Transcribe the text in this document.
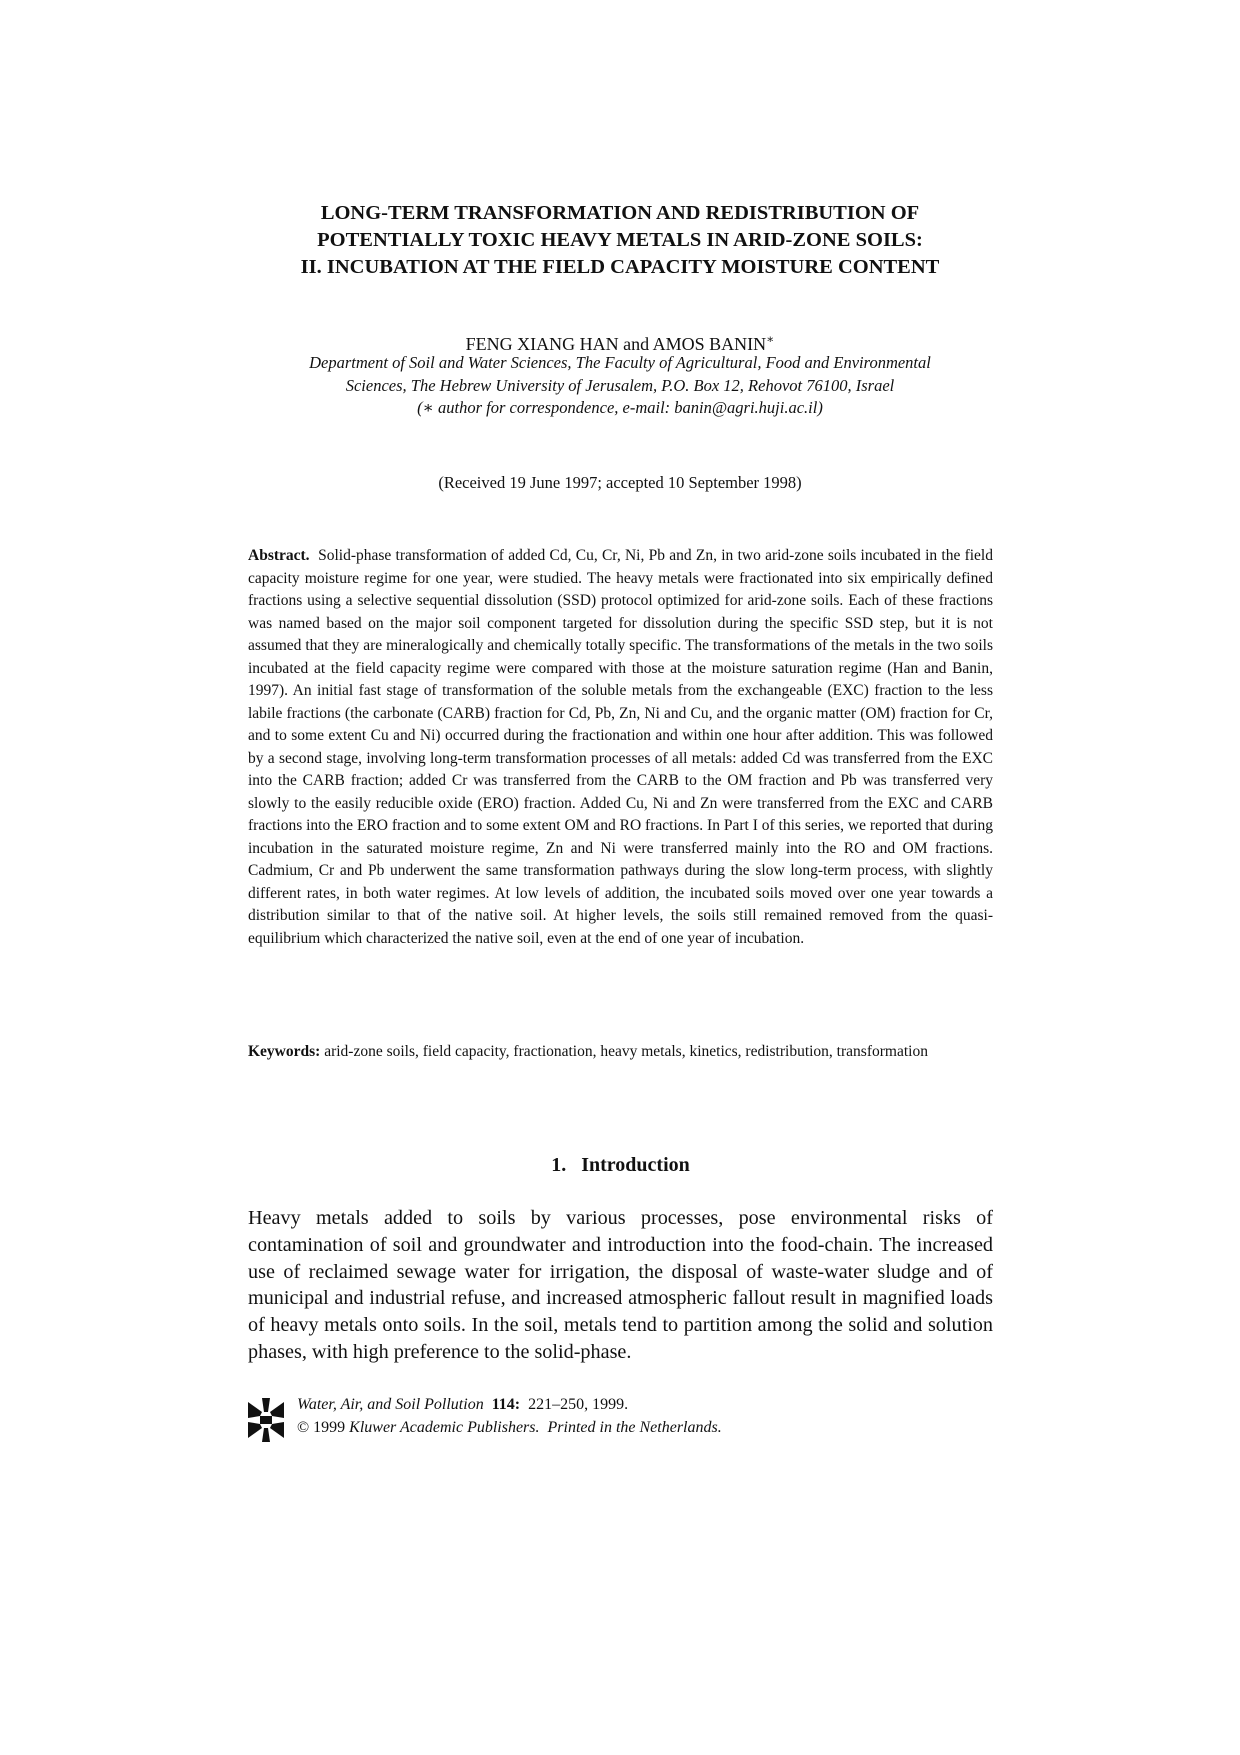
LONG-TERM TRANSFORMATION AND REDISTRIBUTION OF
POTENTIALLY TOXIC HEAVY METALS IN ARID-ZONE SOILS:
II. INCUBATION AT THE FIELD CAPACITY MOISTURE CONTENT
FENG XIANG HAN and AMOS BANIN∗
Department of Soil and Water Sciences, The Faculty of Agricultural, Food and Environmental
Sciences, The Hebrew University of Jerusalem, P.O. Box 12, Rehovot 76100, Israel
(∗ author for correspondence, e-mail: banin@agri.huji.ac.il)
(Received 19 June 1997; accepted 10 September 1998)

Abstract. Solid-phase transformation of added Cd, Cu, Cr, Ni, Pb and Zn, in two arid-zone soils incubated in the field capacity moisture regime for one year, were studied. The heavy metals were fractionated into six empirically defined fractions using a selective sequential dissolution (SSD) protocol optimized for arid-zone soils. Each of these fractions was named based on the major soil component targeted for dissolution during the specific SSD step, but it is not assumed that they are mineralogically and chemically totally specific. The transformations of the metals in the two soils incubated at the field capacity regime were compared with those at the moisture saturation regime (Han and Banin, 1997). An initial fast stage of transformation of the soluble metals from the exchangeable (EXC) fraction to the less labile fractions (the carbonate (CARB) fraction for Cd, Pb, Zn, Ni and Cu, and the organic matter (OM) fraction for Cr, and to some extent Cu and Ni) occurred during the fractionation and within one hour after addition. This was followed by a second stage, involving long-term transformation processes of all metals: added Cd was transferred from the EXC into the CARB fraction; added Cr was transferred from the CARB to the OM fraction and Pb was transferred very slowly to the easily reducible oxide (ERO) fraction. Added Cu, Ni and Zn were transferred from the EXC and CARB fractions into the ERO fraction and to some extent OM and RO fractions. In Part I of this series, we reported that during incubation in the saturated moisture regime, Zn and Ni were transferred mainly into the RO and OM fractions. Cadmium, Cr and Pb underwent the same transformation pathways during the slow long-term process, with slightly different rates, in both water regimes. At low levels of addition, the incubated soils moved over one year towards a distribution similar to that of the native soil. At higher levels, the soils still remained removed from the quasi-equilibrium which characterized the native soil, even at the end of one year of incubation.

Keywords: arid-zone soils, field capacity, fractionation, heavy metals, kinetics, redistribution, transformation

1. Introduction

Heavy metals added to soils by various processes, pose environmental risks of contamination of soil and groundwater and introduction into the food-chain. The increased use of reclaimed sewage water for irrigation, the disposal of waste-water sludge and of municipal and industrial refuse, and increased atmospheric fallout result in magnified loads of heavy metals onto soils. In the soil, metals tend to partition among the solid and solution phases, with high preference to the solid-phase.

Water, Air, and Soil Pollution 114: 221–250, 1999.
© 1999 Kluwer Academic Publishers. Printed in the Netherlands.
